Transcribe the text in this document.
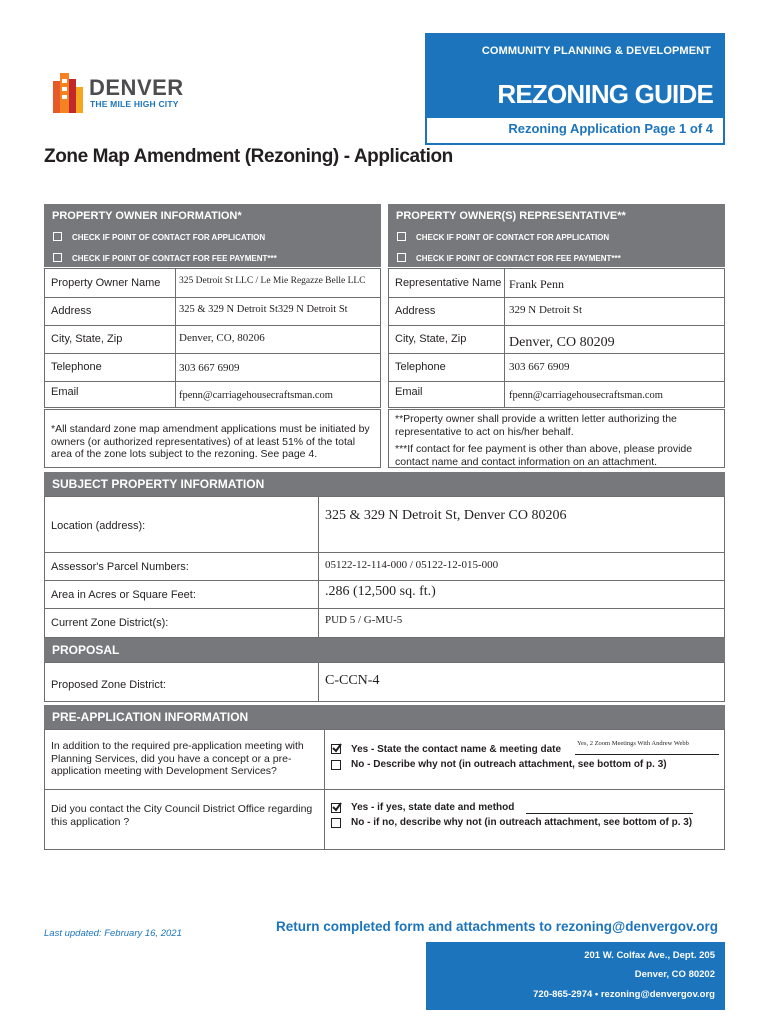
COMMUNITY PLANNING & DEVELOPMENT
REZONING GUIDE
Rezoning Application Page 1 of 4
DENVER
THE MILE HIGH CITY
Zone Map Amendment (Rezoning) - Application
PROPERTY OWNER INFORMATION*
CHECK IF POINT OF CONTACT FOR APPLICATION
CHECK IF POINT OF CONTACT FOR FEE PAYMENT***
PROPERTY OWNER(S) REPRESENTATIVE**
CHECK IF POINT OF CONTACT FOR APPLICATION
CHECK IF POINT OF CONTACT FOR FEE PAYMENT***
Property Owner Name 325 Detroit St LLC / Le Mie Regazze Belle LLC
Address	325 & 329 N Detroit St329 N Detroit St
City, State, Zip	Denver, CO, 80206
Telephone	303 667 6909
Email	fpenn@carriagehousecraftsman.com
Representative Name Frank Penn
Address	329 N Detroit St
City, State, Zip	Denver, CO 80209
Telephone	303 667 6909
Email	fpenn@carriagehousecraftsman.com
*All standard zone map amendment applications must be initiated by owners (or authorized representatives) of at least 51% of the total area of the zone lots subject to the rezoning. See page 4.
**Property owner shall provide a written letter authorizing the representative to act on his/her behalf.
***If contact for fee payment is other than above, please provide contact name and contact information on an attachment.
SUBJECT PROPERTY INFORMATION
Location (address):
325 & 329 N Detroit St, Denver CO 80206
Assessor's Parcel Numbers:	05122-12-114-000 / 05122-12-015-000
Area in Acres or Square Feet:	.286 (12,500 sq. ft.)
Current Zone District(s):	PUD 5 / G-MU-5
PROPOSAL
Proposed Zone District:	C-CCN-4
PRE-APPLICATION INFORMATION
In addition to the required pre-application meeting with Planning Services, did you have a concept or a pre-application meeting with Development Services?
Yes - State the contact name & meeting date
Yes, 2 Zoom Meetings With Andrew Webb
No - Describe why not (in outreach attachment, see bottom of p. 3)
Did you contact the City Council District Office regarding this application ?
Yes - if yes, state date and method
No - if no, describe why not (in outreach attachment, see bottom of p. 3)
Last updated: February 16, 2021	Return completed form and attachments to rezoning@denvergov.org
201 W. Colfax Ave., Dept. 205
Denver, CO 80202
720-865-2974 • rezoning@denvergov.org
